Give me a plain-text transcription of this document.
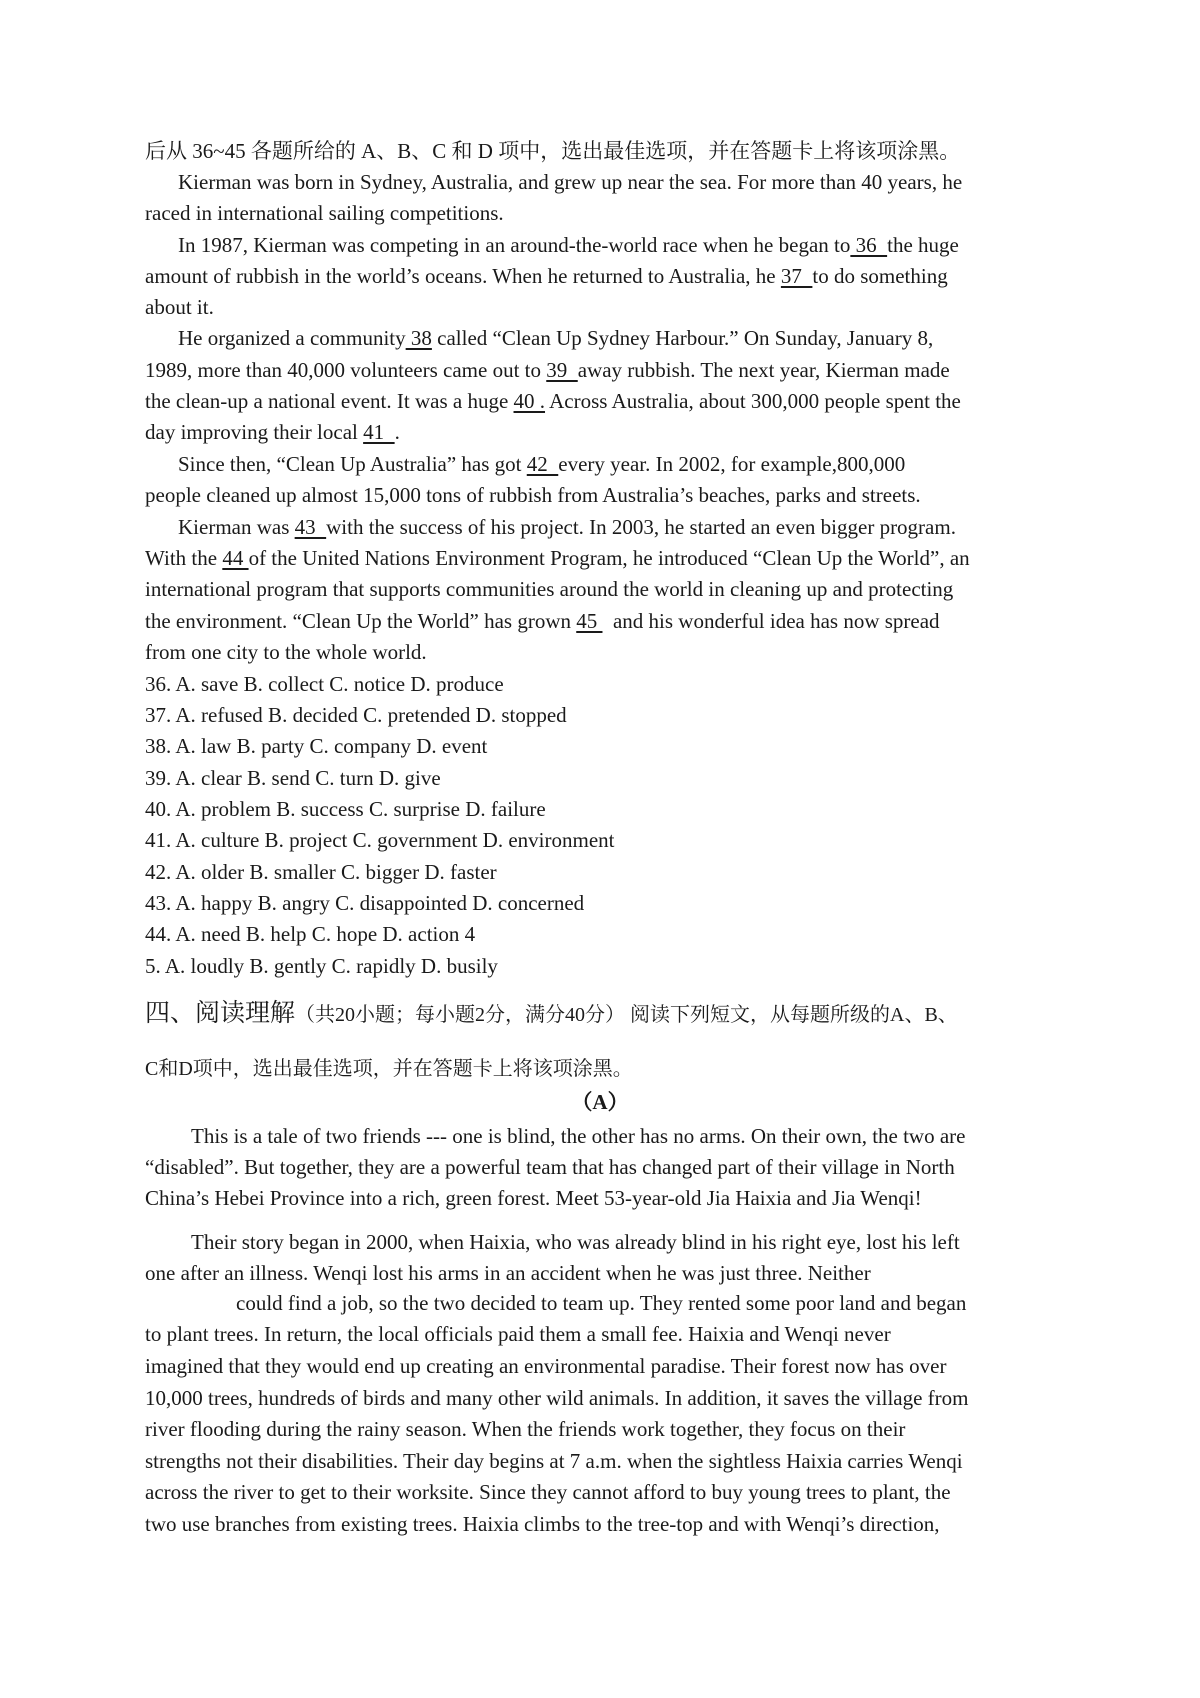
后从 36~45 各题所给的 A、B、C 和 D 项中，选出最佳选项，并在答题卡上将该项涂黑。
Kierman was born in Sydney, Australia, and grew up near the sea. For more than 40 years, he
raced in international sailing competitions.
In 1987, Kierman was competing in an around-the-world race when he began to 36  the huge
amount of rubbish in the world’s oceans. When he returned to Australia, he 37  to do something
about it.
He organized a community 38 called “Clean Up Sydney Harbour.” On Sunday, January 8,
1989, more than 40,000 volunteers came out to 39  away rubbish. The next year, Kierman made
the clean-up a national event. It was a huge 40 . Across Australia, about 300,000 people spent the
day improving their local 41  .
Since then, “Clean Up Australia” has got 42  every year. In 2002, for example,800,000
people cleaned up almost 15,000 tons of rubbish from Australia’s beaches, parks and streets.
Kierman was 43  with the success of his project. In 2003, he started an even bigger program.
With the 44 of the United Nations Environment Program, he introduced “Clean Up the World”, an
international program that supports communities around the world in cleaning up and protecting
the environment. “Clean Up the World” has grown 45   and his wonderful idea has now spread
from one city to the whole world.
36. A. save B. collect C. notice D. produce
37. A. refused B. decided C. pretended D. stopped
38. A. law B. party C. company D. event
39. A. clear B. send C. turn D. give
40. A. problem B. success C. surprise D. failure
41. A. culture B. project C. government D. environment
42. A. older B. smaller C. bigger D. faster
43. A. happy B. angry C. disappointed D. concerned
44. A. need B. help C. hope D. action 4
5. A. loudly B. gently C. rapidly D. busily
四、阅读理解（共20小题；每小题2分，满分40分） 阅读下列短文，从每题所级的A、B、
C和D项中，选出最佳选项，并在答题卡上将该项涂黑。
（A）
This is a tale of two friends --- one is blind, the other has no arms. On their own, the two are
“disabled”. But together, they are a powerful team that has changed part of their village in North
China’s Hebei Province into a rich, green forest. Meet 53-year-old Jia Haixia and Jia Wenqi!
Their story began in 2000, when Haixia, who was already blind in his right eye, lost his left
one after an illness. Wenqi lost his arms in an accident when he was just three. Neither
could find a job, so the two decided to team up. They rented some poor land and began
to plant trees. In return, the local officials paid them a small fee. Haixia and Wenqi never
imagined that they would end up creating an environmental paradise. Their forest now has over
10,000 trees, hundreds of birds and many other wild animals. In addition, it saves the village from
river flooding during the rainy season. When the friends work together, they focus on their
strengths not their disabilities. Their day begins at 7 a.m. when the sightless Haixia carries Wenqi
across the river to get to their worksite. Since they cannot afford to buy young trees to plant, the
two use branches from existing trees. Haixia climbs to the tree-top and with Wenqi’s direction,
